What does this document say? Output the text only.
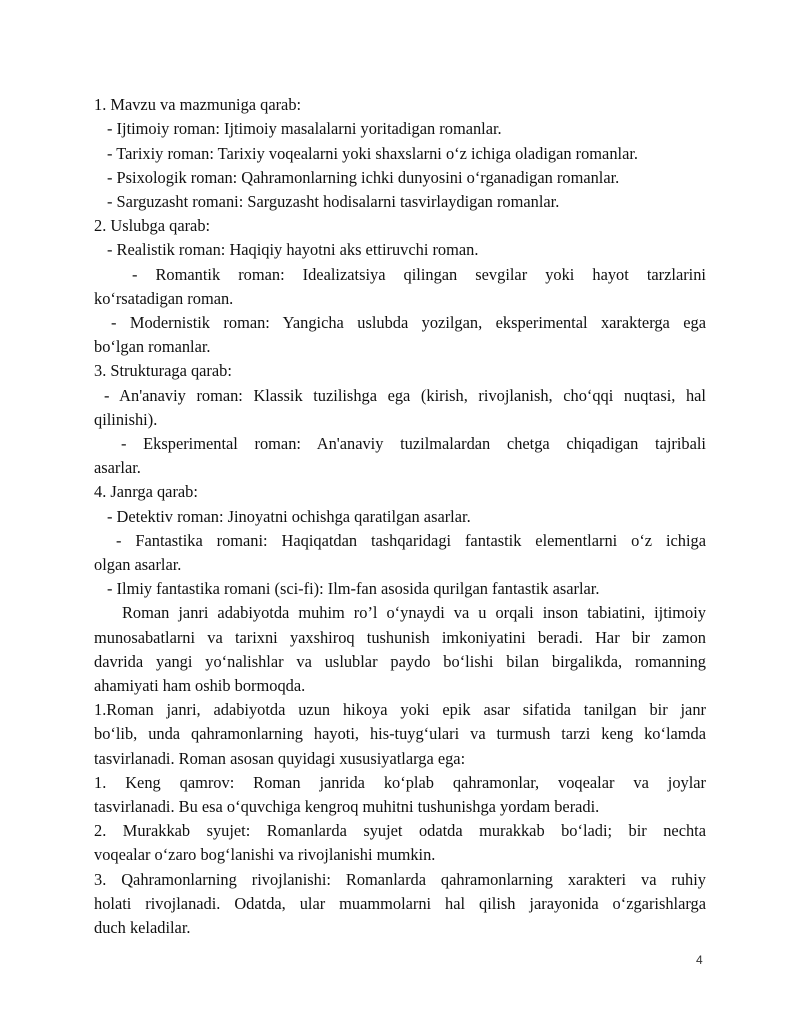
1. Mavzu va mazmuniga qarab:
- Ijtimoiy roman: Ijtimoiy masalalarni yoritadigan romanlar.
- Tarixiy roman: Tarixiy voqealarni yoki shaxslarni o‘z ichiga oladigan romanlar.
- Psixologik roman: Qahramonlarning ichki dunyosini o‘rganadigan romanlar.
- Sarguzasht romani: Sarguzasht hodisalarni tasvirlaydigan romanlar.
2. Uslubga qarab:
- Realistik roman: Haqiqiy hayotni aks ettiruvchi roman.
- Romantik roman: Idealizatsiya qilingan sevgilar yoki hayot tarzlarini
ko‘rsatadigan roman.
- Modernistik roman: Yangicha uslubda yozilgan, eksperimental xarakterga ega
bo‘lgan romanlar.
3. Strukturaga qarab:
- An'anaviy roman: Klassik tuzilishga ega (kirish, rivojlanish, cho‘qqi nuqtasi, hal
qilinishi).
- Eksperimental roman: An'anaviy tuzilmalardan chetga chiqadigan tajribali
asarlar.
4. Janrga qarab:
- Detektiv roman: Jinoyatni ochishga qaratilgan asarlar.
- Fantastika romani: Haqiqatdan tashqaridagi fantastik elementlarni o‘z ichiga
olgan asarlar.
- Ilmiy fantastika romani (sci-fi): Ilm-fan asosida qurilgan fantastik asarlar.
Roman janri adabiyotda muhim ro’l o‘ynaydi va u orqali inson tabiatini, ijtimoiy
munosabatlarni va tarixni yaxshiroq tushunish imkoniyatini beradi. Har bir zamon
davrida yangi yo‘nalishlar va uslublar paydo bo‘lishi bilan birgalikda, romanning
ahamiyati ham oshib bormoqda.
1.Roman janri, adabiyotda uzun hikoya yoki epik asar sifatida tanilgan bir janr
bo‘lib, unda qahramonlarning hayoti, his-tuyg‘ulari va turmush tarzi keng ko‘lamda
tasvirlanadi. Roman asosan quyidagi xususiyatlarga ega:
1. Keng qamrov: Roman janrida ko‘plab qahramonlar, voqealar va joylar
tasvirlanadi. Bu esa o‘quvchiga kengroq muhitni tushunishga yordam beradi.
2. Murakkab syujet: Romanlarda syujet odatda murakkab bo‘ladi; bir nechta
voqealar o‘zaro bog‘lanishi va rivojlanishi mumkin.
3. Qahramonlarning rivojlanishi: Romanlarda qahramonlarning xarakteri va ruhiy
holati rivojlanadi. Odatda, ular muammolarni hal qilish jarayonida o‘zgarishlarga
duch keladilar.
4
